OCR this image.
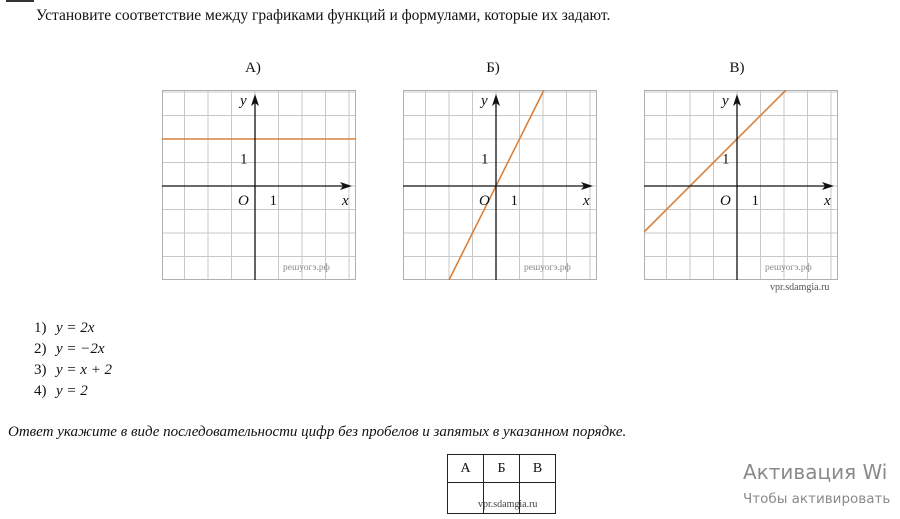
Установите соответствие между графиками функций и формулами, которые их задают.
А)	Б)	В)
x
y
O 1
1
решуогэ.рф
x
y
O 1
1
решуогэ.рф
x
y
O 1
1
решуогэ.рф
vpr.sdamgia.ru
1) y = 2x
2) y = −2x
3) y = x + 2
4) y = 2
Ответ укажите в виде последовательности цифр без пробелов и запятых в указанном порядке.
А	Б	В

vpr.sdamgia.ru
Активация Wi
Чтобы активировать
